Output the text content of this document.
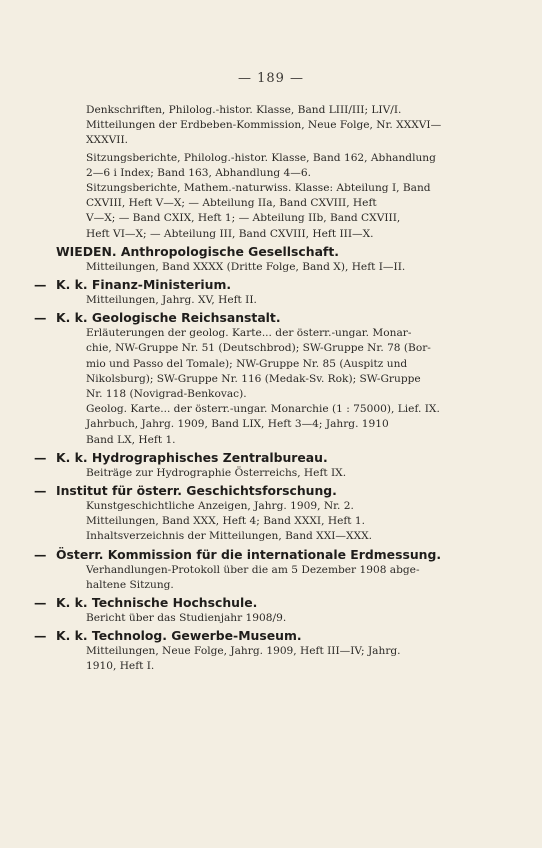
— 189 —
Denkschriften, Philolog.-histor. Klasse, Band LIII/III; LIV/I.
Mitteilungen der Erdbeben-Kommission, Neue Folge, Nr. XXXVI—
XXXVII.
Sitzungsberichte, Philolog.-histor. Klasse, Band 162, Abhandlung
2—6 i Index; Band 163, Abhandlung 4—6.
Sitzungsberichte, Mathem.-naturwiss. Klasse: Abteilung I, Band
CXVIII, Heft V—X; — Abteilung IIa, Band CXVIII, Heft
V—X; — Band CXIX, Heft 1; — Abteilung IIb, Band CXVIII,
Heft VI—X; — Abteilung III, Band CXVIII, Heft III—X.
WIEDEN. Anthropologische Gesellschaft.
Mitteilungen, Band XXXX (Dritte Folge, Band X), Heft I—II.
— K. k. Finanz-Ministerium.
Mitteilungen, Jahrg. XV, Heft II.
— K. k. Geologische Reichsanstalt.
Erläuterungen der geolog. Karte... der österr.-ungar. Monar-
chie, NW-Gruppe Nr. 51 (Deutschbrod); SW-Gruppe Nr. 78 (Bor-
mio und Passo del Tomale); NW-Gruppe Nr. 85 (Auspitz und
Nikolsburg); SW-Gruppe Nr. 116 (Medak-Sv. Rok); SW-Gruppe
Nr. 118 (Novigrad-Benkovac).
Geolog. Karte... der österr.-ungar. Monarchie (1 : 75000), Lief. IX.
Jahrbuch, Jahrg. 1909, Band LIX, Heft 3—4; Jahrg. 1910
Band LX, Heft 1.
— K. k. Hydrographisches Zentralbureau.
Beiträge zur Hydrographie Österreichs, Heft IX.
— Institut für österr. Geschichtsforschung.
Kunstgeschichtliche Anzeigen, Jahrg. 1909, Nr. 2.
Mitteilungen, Band XXX, Heft 4; Band XXXI, Heft 1.
Inhaltsverzeichnis der Mitteilungen, Band XXI—XXX.
— Österr. Kommission für die internationale Erdmessung.
Verhandlungen-Protokoll über die am 5 Dezember 1908 abge-
haltene Sitzung.
— K. k. Technische Hochschule.
Bericht über das Studienjahr 1908/9.
— K. k. Technolog. Gewerbe-Museum.
Mitteilungen, Neue Folge, Jahrg. 1909, Heft III—IV; Jahrg.
1910, Heft I.
